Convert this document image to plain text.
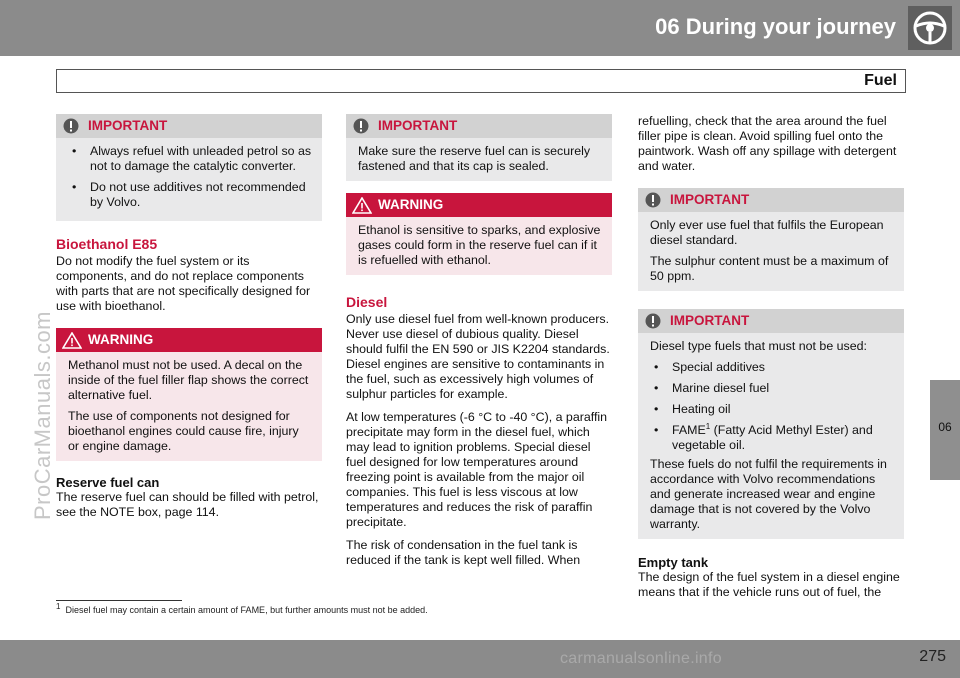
06 During your journey
Fuel
06
ProCarManuals.com
IMPORTANT
• Always refuel with unleaded petrol so as not to damage the catalytic converter.
• Do not use additives not recommended by Volvo.
Bioethanol E85

Do not modify the fuel system or its components, and do not replace components with parts that are not specifically designed for use with bioethanol.

WARNING

Methanol must not be used. A decal on the inside of the fuel filler flap shows the correct alternative fuel.

The use of components not designed for bioethanol engines could cause fire, injury or engine damage.

Reserve fuel can

The reserve fuel can should be filled with petrol, see the NOTE box, page 114.

IMPORTANT

Make sure the reserve fuel can is securely fastened and that its cap is sealed.

WARNING

Ethanol is sensitive to sparks, and explosive gases could form in the reserve fuel can if it is refuelled with ethanol.

Diesel

Only use diesel fuel from well-known producers. Never use diesel of dubious quality. Diesel should fulfil the EN 590 or JIS K2204 standards. Diesel engines are sensitive to contaminants in the fuel, such as excessively high volumes of sulphur particles for example.

At low temperatures (-6 °C to -40 °C), a paraffin precipitate may form in the diesel fuel, which may lead to ignition problems. Special diesel fuel designed for low temperatures around freezing point is available from the major oil companies. This fuel is less viscous at low temperatures and reduces the risk of paraffin precipitate.

The risk of condensation in the fuel tank is reduced if the tank is kept well filled. When

refuelling, check that the area around the fuel filler pipe is clean. Avoid spilling fuel onto the paintwork. Wash off any spillage with detergent and water.

IMPORTANT

Only ever use fuel that fulfils the European diesel standard.

The sulphur content must be a maximum of 50 ppm.

IMPORTANT

Diesel type fuels that must not be used:

• Special additives
• Marine diesel fuel
• Heating oil
• FAME$^1$ (Fatty Acid Methyl Ester) and vegetable oil.

These fuels do not fulfil the requirements in accordance with Volvo recommendations and generate increased wear and engine damage that is not covered by the Volvo warranty.

Empty tank

The design of the fuel system in a diesel engine means that if the vehicle runs out of fuel, the

$^1$ Diesel fuel may contain a certain amount of FAME, but further amounts must not be added.
carmanualsonline.info	275
